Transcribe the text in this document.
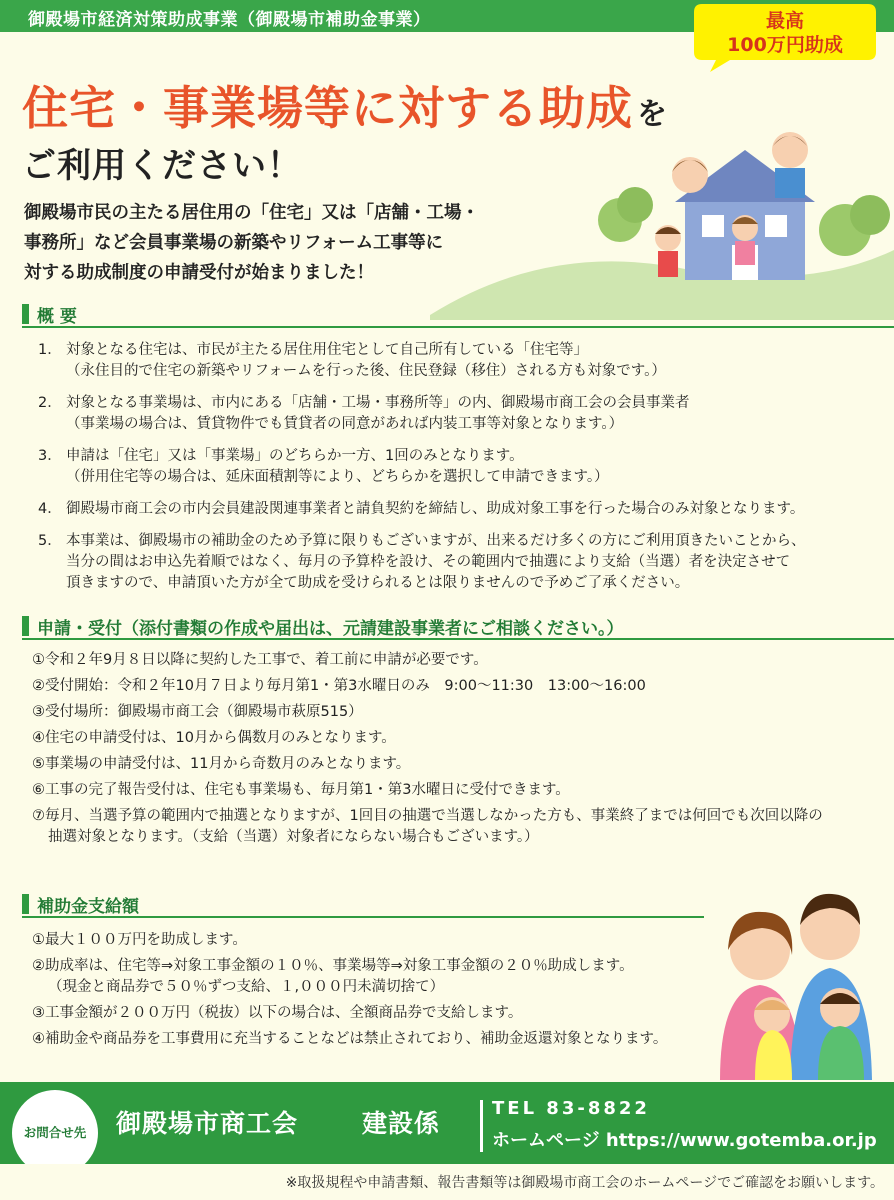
御殿場市経済対策助成事業（御殿場市補助金事業）	最高
100万円助成
住宅・事業場等に対する助成 を
ご利用ください！
御殿場市民の主たる居住用の「住宅」又は「店舗・工場・
事務所」など会員事業場の新築やリフォーム工事等に
対する助成制度の申請受付が始まりました！
概 要
1． 対象となる住宅は、市民が主たる居住用住宅として自己所有している「住宅等」
（永住目的で住宅の新築やリフォームを行った後、住民登録（移住）される方も対象です。）
2． 対象となる事業場は、市内にある「店舗・工場・事務所等」の内、御殿場市商工会の会員事業者
（事業場の場合は、賃貸物件でも賃貸者の同意があれば内装工事等対象となります。）
3． 申請は「住宅」又は「事業場」のどちらか一方、1回のみとなります。
（併用住宅等の場合は、延床面積割等により、どちらかを選択して申請できます。）
4． 御殿場市商工会の市内会員建設関連事業者と請負契約を締結し、助成対象工事を行った場合のみ対象となります。
5． 本事業は、御殿場市の補助金のため予算に限りもございますが、出来るだけ多くの方にご利用頂きたいことから、
当分の間はお申込先着順ではなく、毎月の予算枠を設け、その範囲内で抽選により支給（当選）者を決定させて
頂きますので、申請頂いた方が全て助成を受けられるとは限りませんので予めご了承ください。
申請・受付（添付書類の作成や届出は、元請建設事業者にご相談ください。）
①令和２年9月８日以降に契約した工事で、着工前に申請が必要です。
②受付開始：令和２年10月７日より毎月第1・第3水曜日のみ　9:00～11:30　13:00～16:00
③受付場所：御殿場市商工会（御殿場市萩原515）
④住宅の申請受付は、10月から偶数月のみとなります。
⑤事業場の申請受付は、11月から奇数月のみとなります。
⑥工事の完了報告受付は、住宅も事業場も、毎月第1・第3水曜日に受付できます。
⑦毎月、当選予算の範囲内で抽選となりますが、1回目の抽選で当選しなかった方も、事業終了までは何回でも次回以降の
抽選対象となります。（支給（当選）対象者にならない場合もございます。）
補助金支給額
①最大１００万円を助成します。
②助成率は、住宅等⇒対象工事金額の１０％、事業場等⇒対象工事金額の２０％助成します。
（現金と商品券で５０％ずつ支給、１,０００円未満切捨て）
③工事金額が２００万円（税抜）以下の場合は、全額商品券で支給します。
④補助金や商品券を工事費用に充当することなどは禁止されており、補助金返還対象となります。
お問合せ先	御殿場市商工会	建設係
TEL 83-8822
ホームページ https://www.gotemba.or.jp
※取扱規程や申請書類、報告書類等は御殿場市商工会のホームページでご確認をお願いします。
